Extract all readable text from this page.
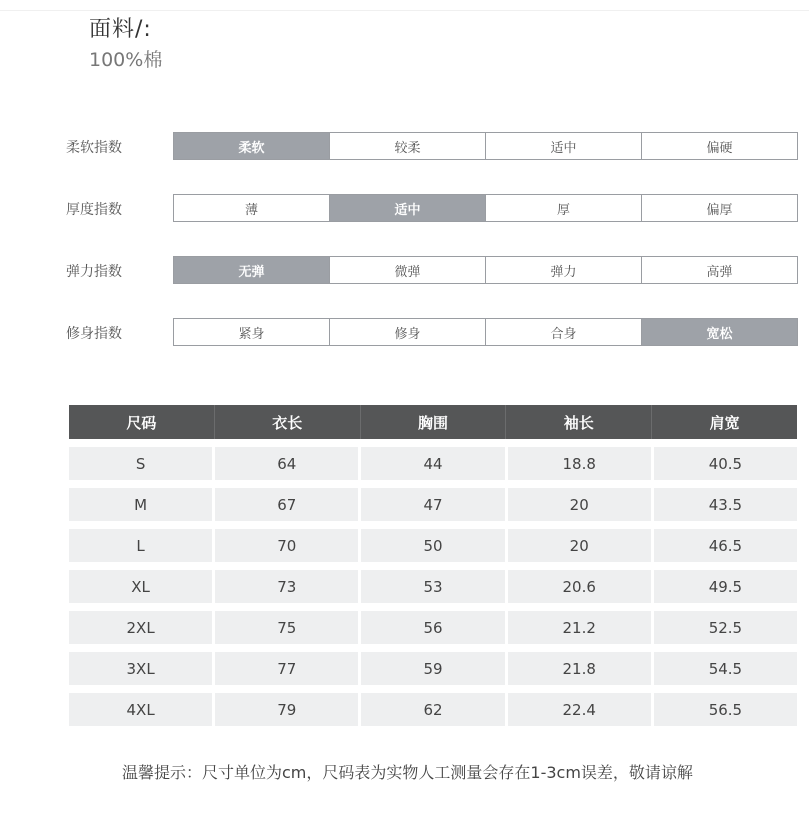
面料/:
100%棉
柔软指数	柔软	较柔	适中	偏硬
厚度指数	薄	适中	厚	偏厚
弹力指数	无弹	微弹	弹力	高弹
修身指数	紧身	修身	合身	宽松
尺码	衣长	胸围	袖长	肩宽
S	64	44	18.8	40.5
M	67	47	20	43.5
L	70	50	20	46.5
XL	73	53	20.6	49.5
2XL	75	56	21.2	52.5
3XL	77	59	21.8	54.5
4XL	79	62	22.4	56.5
温馨提示：尺寸单位为cm，尺码表为实物人工测量会存在1-3cm误差，敬请谅解
